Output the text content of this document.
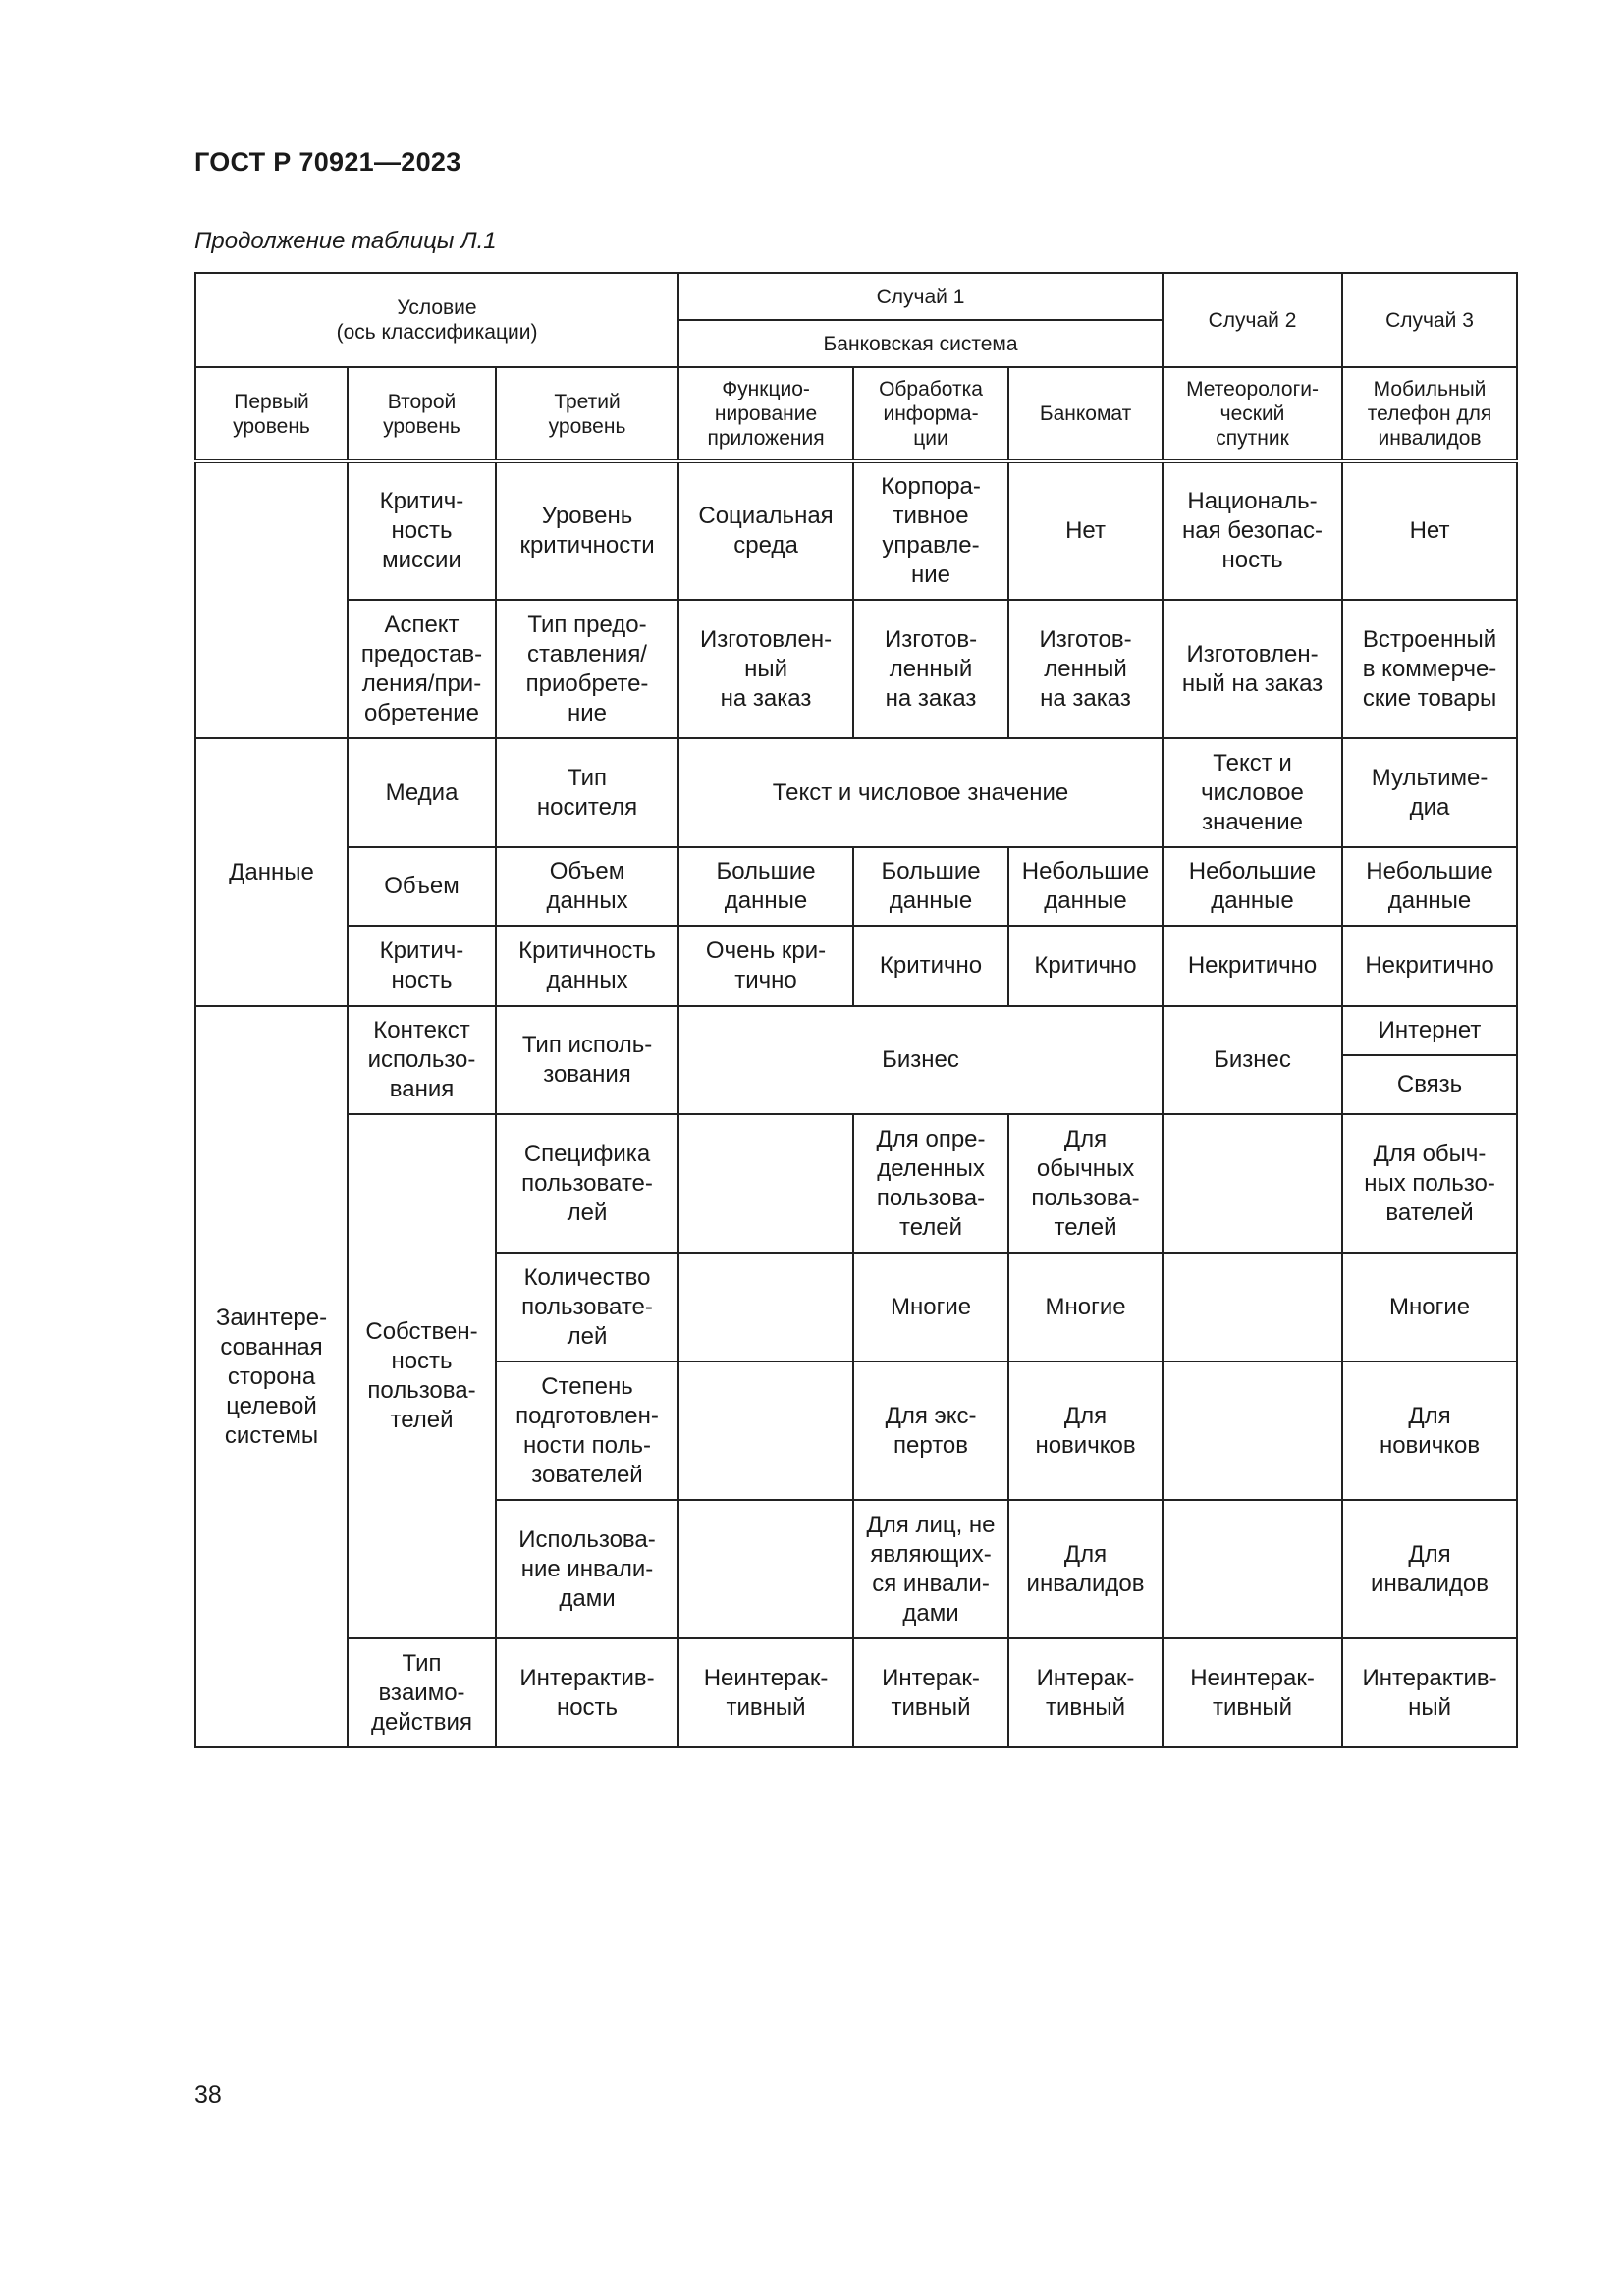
ГОСТ Р 70921—2023
Продолжение таблицы Л.1
Условие
(ось классификации)			Случай 1			Случай 2	Случай 3
			Банковская система				
Первый
уровень	Второй
уровень	Третий
уровень	Функцио-
нирование
приложения	Обработка
информа-
ции	Банкомат	Метеорологи-
ческий
спутник	Мобильный
телефон для
инвалидов
	Критич-
ность
миссии	Уровень
критичности	Социальная
среда	Корпора-
тивное
управле-
ние	Нет	Националь-
ная безопас-
ность	Нет
	Аспект
предостав-
ления/при-
обретение	Тип предо-
ставления/
приобрете-
ние	Изготовлен-
ный
на заказ	Изготов-
ленный
на заказ	Изготов-
ленный
на заказ	Изготовлен-
ный на заказ	Встроенный
в коммерче-
ские товары
Данные	Медиа	Тип
носителя	Текст и числовое значение			Текст и
числовое
значение	Мультиме-
диа
	Объем	Объем
данных	Большие
данные	Большие
данные	Небольшие
данные	Небольшие
данные	Небольшие
данные
	Критич-
ность	Критичность
данных	Очень кри-
тично	Критично	Критично	Некритично	Некритично
Заинтере-
сованная
сторона
целевой
системы	Контекст
использо-
вания	Тип исполь-
зования	Бизнес			Бизнес	Интернет
							Связь
	Собствен-
ность
пользова-
телей	Специфика
пользовате-
лей		Для опре-
деленных
пользова-
телей	Для
обычных
пользова-
телей		Для обыч-
ных пользо-
вателей
		Количество
пользовате-
лей		Многие	Многие		Многие
		Степень
подготовлен-
ности поль-
зователей		Для экс-
пертов	Для
новичков		Для
новичков
		Использова-
ние инвали-
дами		Для лиц, не
являющих-
ся инвали-
дами	Для
инвалидов		Для
инвалидов
	Тип
взаимо-
действия	Интерактив-
ность	Неинтерак-
тивный	Интерак-
тивный	Интерак-
тивный	Неинтерак-
тивный	Интерактив-
ный
38
